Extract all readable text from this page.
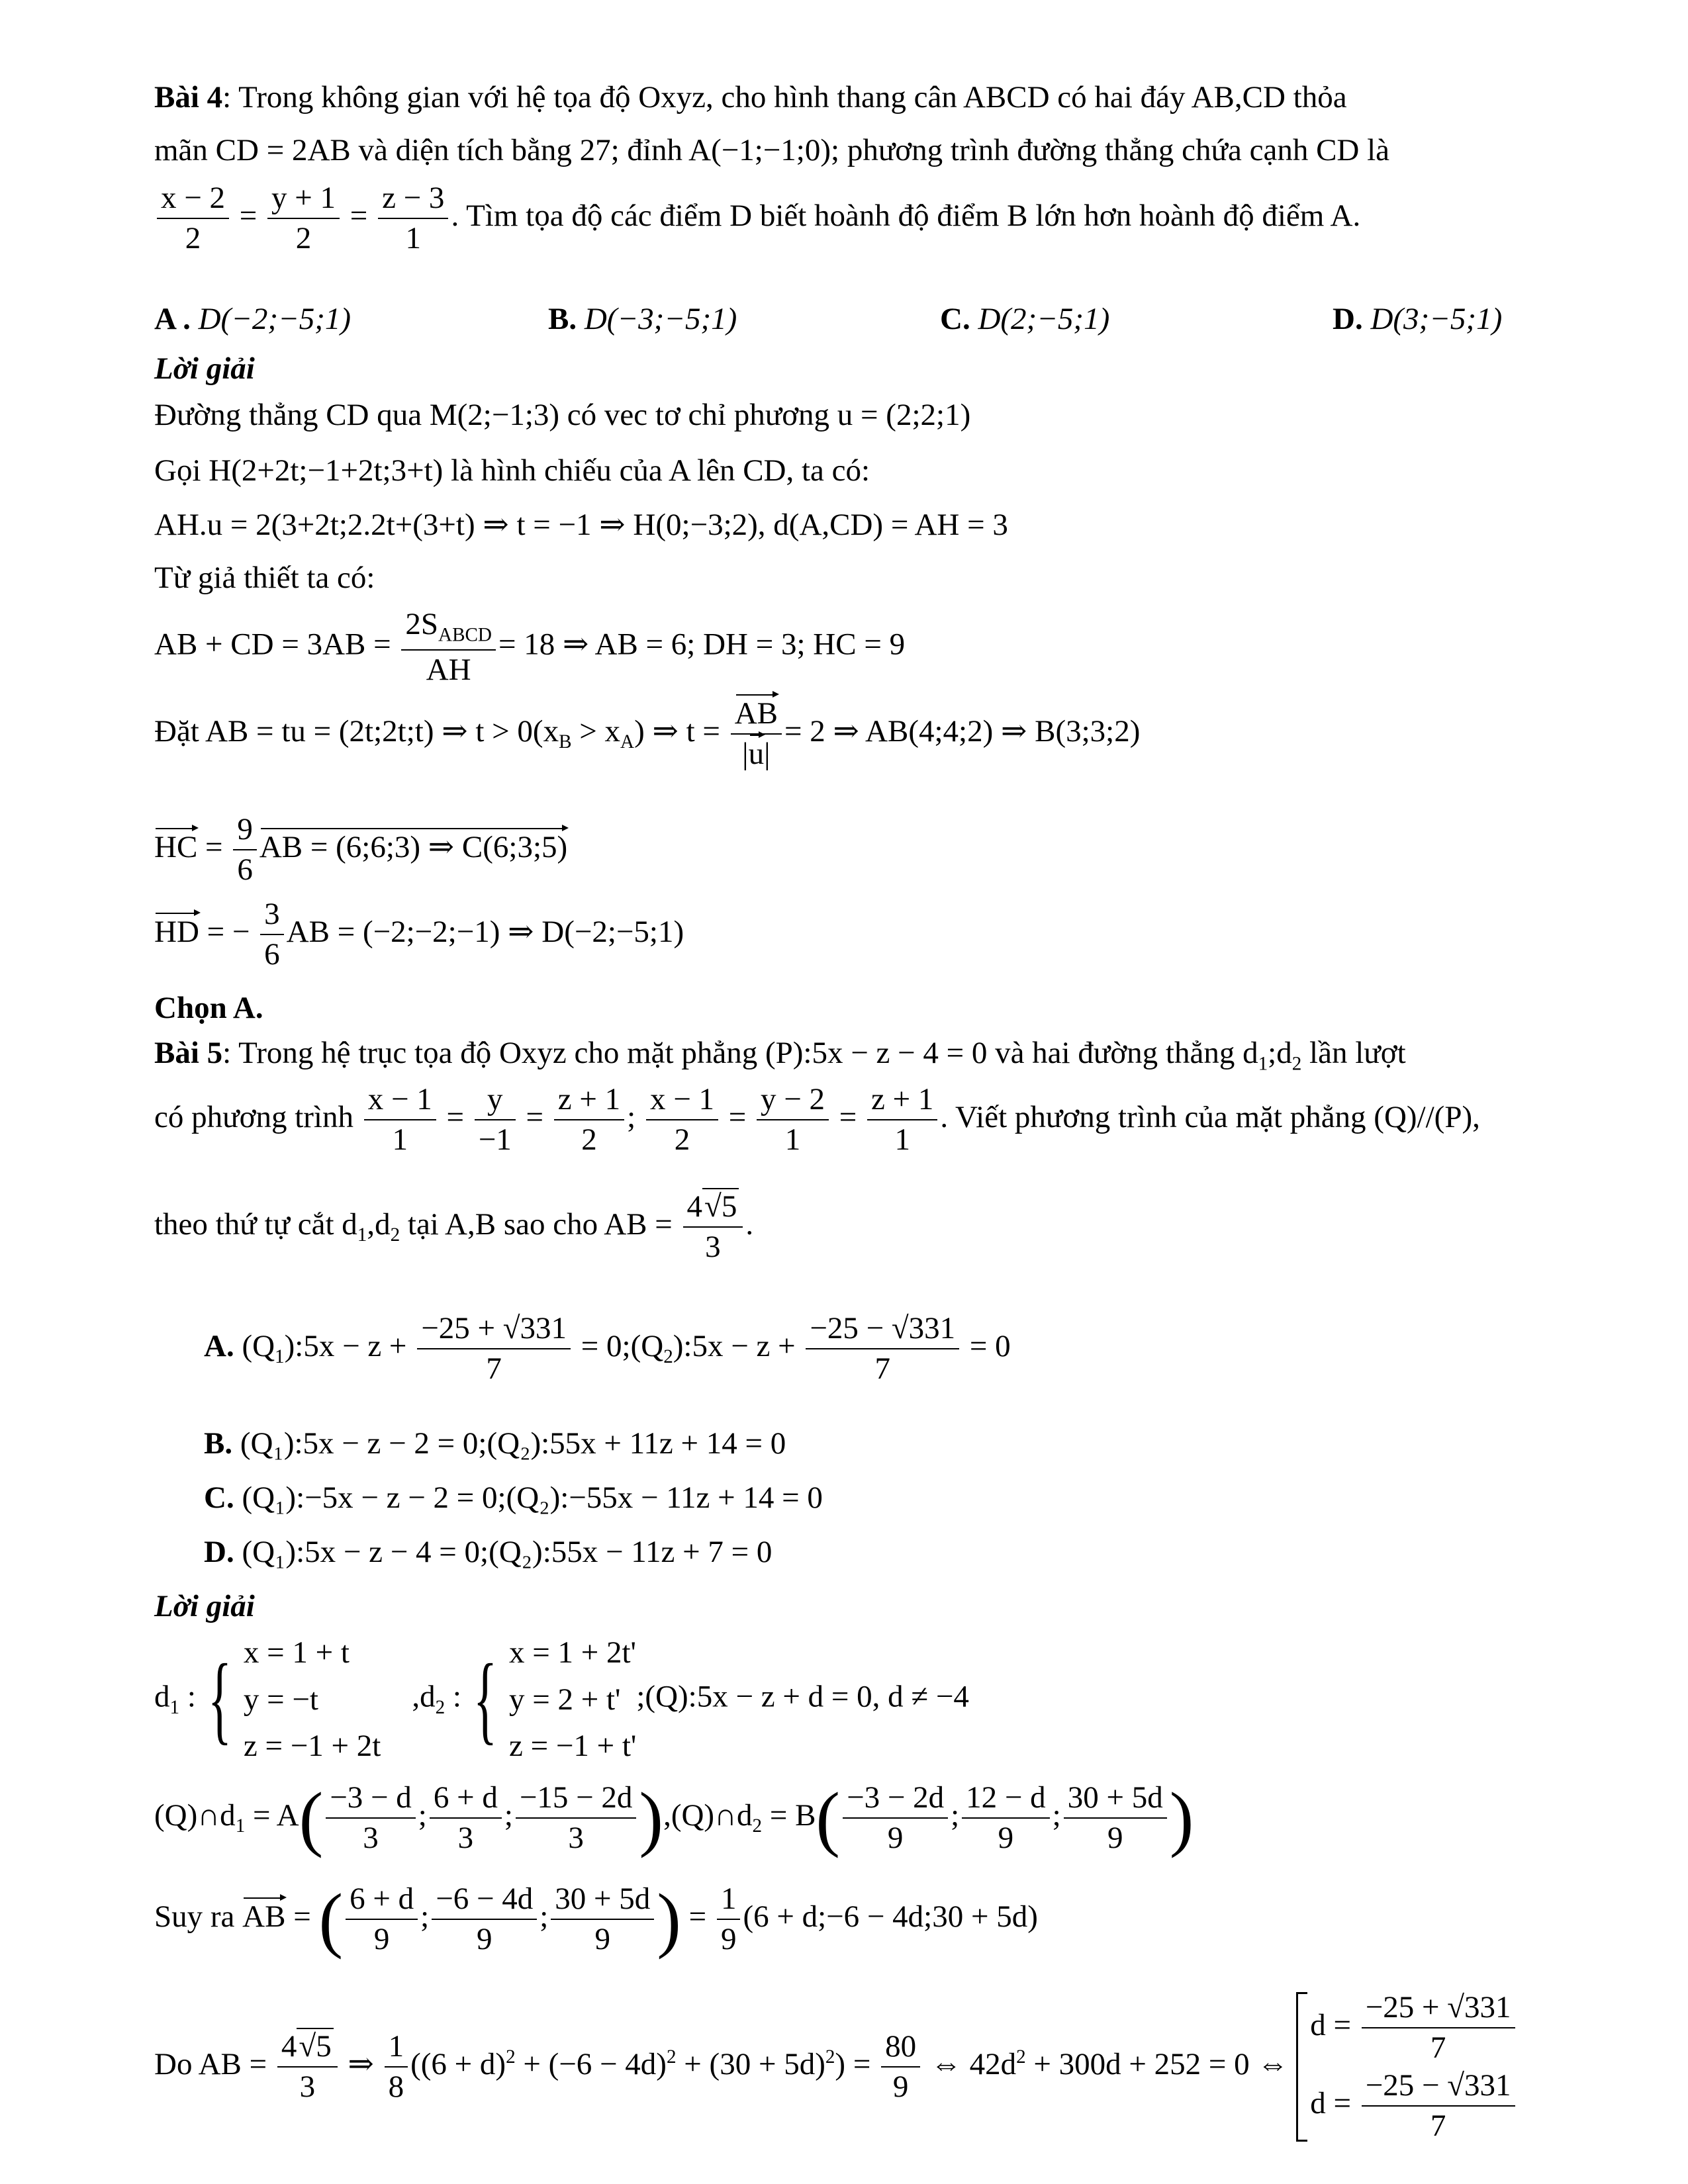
Bài 4: Trong không gian với hệ tọa độ Oxyz, cho hình thang cân ABCD có hai đáy AB,CD thỏa
mãn CD = 2AB và diện tích bằng 27; đỉnh A(−1;−1;0); phương trình đường thẳng chứa cạnh CD là
$\frac{x - 2}{2} = \frac{y + 1}{2} = \frac{z - 3}{1}$ . Tìm tọa độ các điểm D biết hoành độ điểm B lớn hơn hoành độ điểm A.
A . D(−2;−5;1)	B. D(−3;−5;1)	C. D(2;−5;1)	D. D(3;−5;1)
Lời giải
Đường thẳng CD qua M(2;−1;3) có vec tơ chỉ phương u = (2;2;1)
Gọi H(2+2t;−1+2t;3+t) là hình chiếu của A lên CD, ta có:
AH.u = 2(3+2t;2.2t+(3+t) ⇒ t = −1 ⇒ H(0;−3;2), d(A,CD) = AH = 3
Từ giả thiết ta có:
AB + CD = $3AB = \frac{2S_{ABCD}}{AH} = 18$ ⇒ AB = 6; DH = 3; HC = 9
Đặt AB = tu = (2t;2t;t) ⇒ $t > 0(x_B > x_A)$ ⇒ $t = \frac{AB}{|u|} = 2$ ⇒ AB(4;4;2) ⇒ B(3;3;2)
HC = $\frac{9}{6}$ AB = (6;6;3) ⇒ C(6;3;5)
HD = − $\frac{3}{6}$ AB = (−2;−2;−1) ⇒ D(−2;−5;1)
Chọn A.
Bài 5: Trong hệ trục tọa độ Oxyz cho mặt phẳng (P):5x − z − 4 = 0 và hai đường thẳng $d_1;d_2$ lần lượt
có phương trình $\frac{x - 1}{1} = \frac{y}{-1} = \frac{z + 1}{2}$ ; $\frac{x - 1}{2} = \frac{y - 2}{1} = \frac{z + 1}{1}$ . Viết phương trình của mặt phẳng (Q)//(P),
theo thứ tự cắt $d_1,d_2$ tại A,B sao cho AB = $\frac{4√5}{3}$ .
A. $(Q_1):5x - z + \frac{-25 + √331}{7}$ = $0;(Q_2):5x - z + \frac{-25 - √331}{7} = 0$
B. (Q₁):5x − z − 2 = 0;(Q₂):55x + 11z + 14 = 0
C. (Q₁):−5x − z − 2 = 0;(Q₂):−55x − 11z + 14 = 0
D. (Q₁):5x − z − 4 = 0;(Q₂):55x − 11z + 7 = 0
Lời giải
$d_1$ : { x = 1 + t
y = −t
z = −1 + 2t    $,d_2$ : { x = 1 + 2t'
y = 2 + t'
z = −1 + t';(Q):5x − z + d = 0, d ≠ −4
$(Q)\cap d_1 = A( \frac{-3 - d}{3}$ ; $\frac{6 + d}{3}$ ; $\frac{-15 - 2d}{3}$ )$,(Q)\cap d_2 = B( \frac{-3 - 2d}{9}$ ; $\frac{12 - d}{9}$ ; $\frac{30 + 5d}{9}$ )
Suy ra AB = ( $\frac{6 + d}{9}$ ; $\frac{-6 - 4d}{9}$ ; $\frac{30 + 5d}{9}$ ) = $\frac{1}{9} (6$ + d;−6 − 4d;30 + 5d)
Do AB = $\frac{4√5}{3}$ ⇒ $\frac{1}{8} ((6 + d)^2 + (-6 - 4d)^2 + (30 + 5d)^2) = \frac{80}{9}$ ⇔ $42d^2 + 300d + 252 = 0$ ⇔
$d = \frac{-25 + √331}{7}$
$d = \frac{-25 - √331}{7}$
